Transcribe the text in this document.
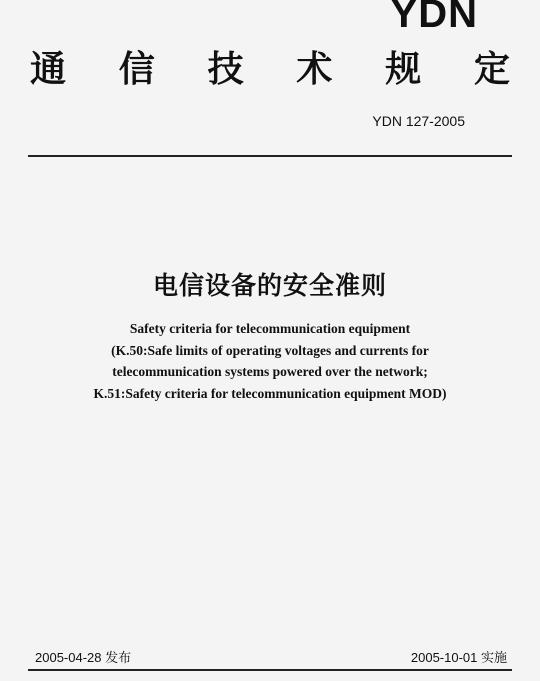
YDN
通 信 技 术 规 定
YDN 127-2005
电信设备的安全准则
Safety criteria for telecommunication equipment
(K.50:Safe limits of operating voltages and currents for
telecommunication systems powered over the network;
K.51:Safety criteria for telecommunication equipment MOD)
2005-04-28 发布	2005-10-01 实施
